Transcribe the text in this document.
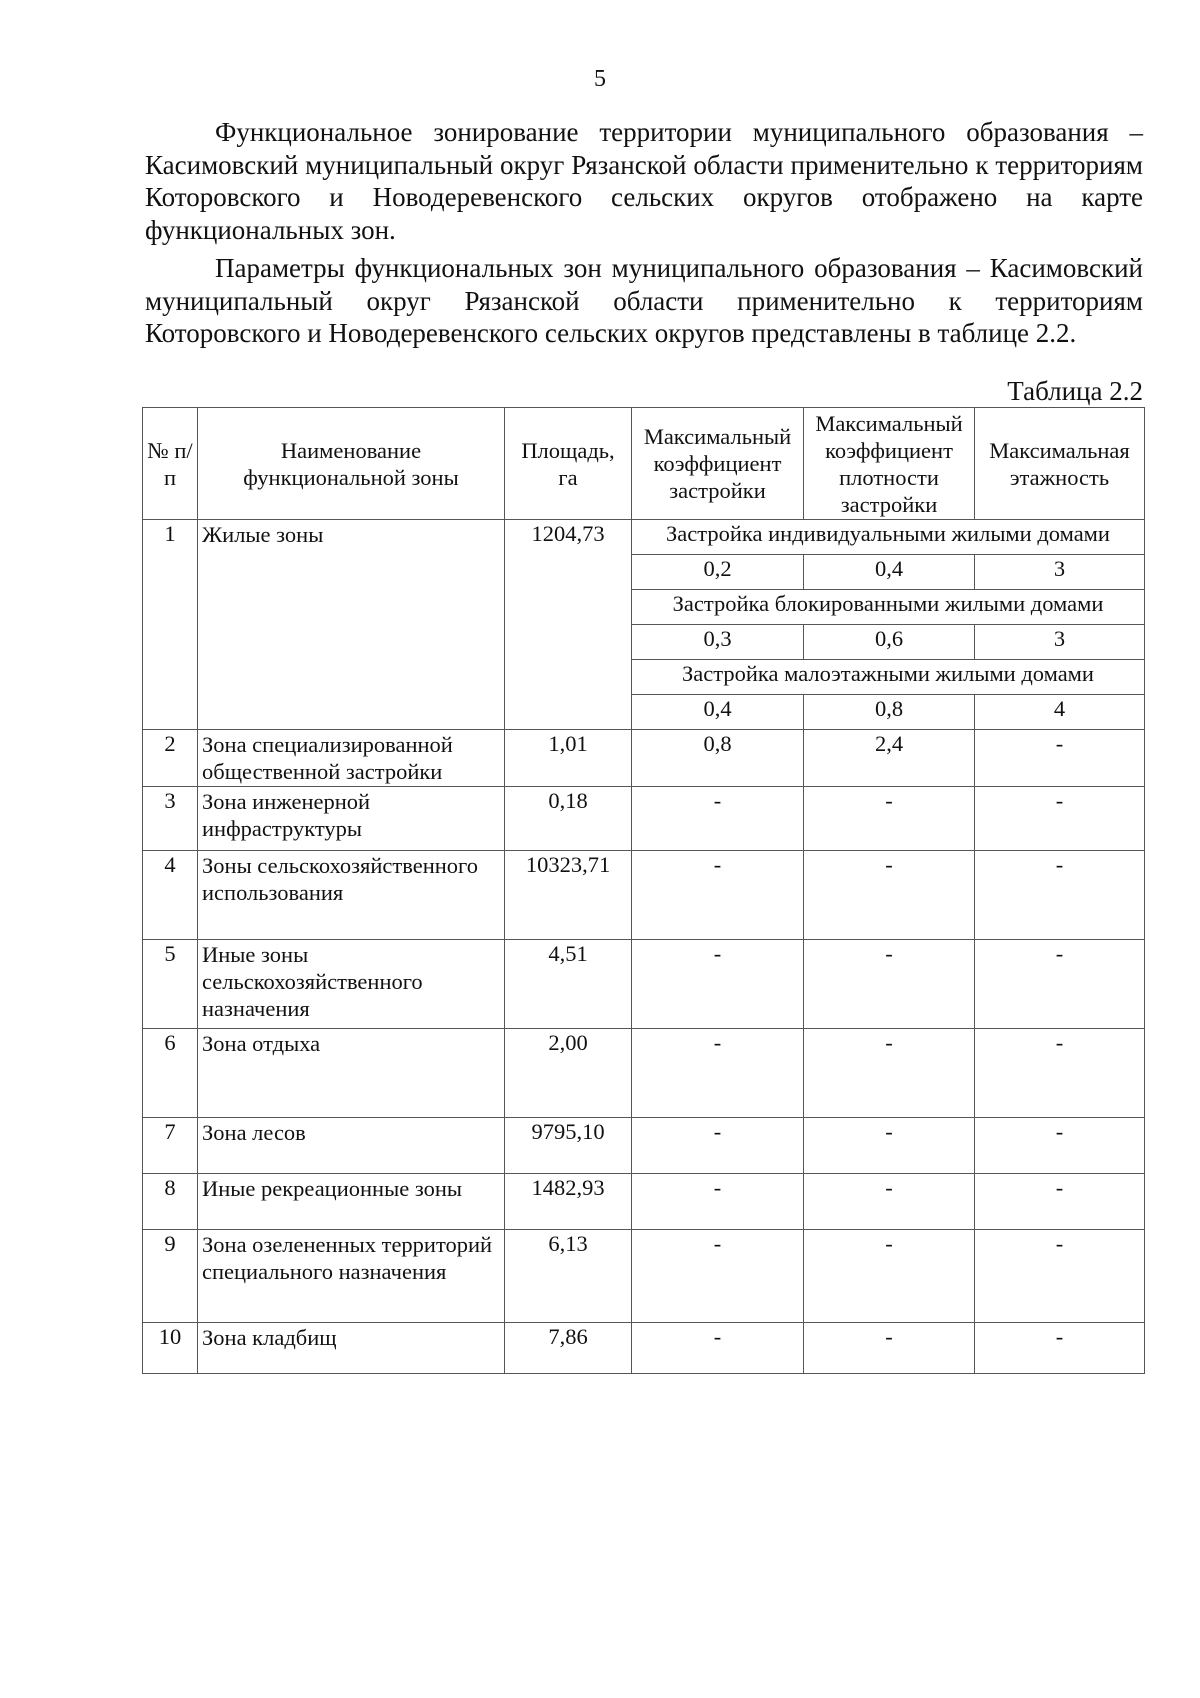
5

Функциональное зонирование территории муниципального образования – Касимовский муниципальный округ Рязанской области применительно к территориям Которовского и Новодеревенского сельских округов отображено на карте функциональных зон.

Параметры функциональных зон муниципального образования – Касимовский муниципальный округ Рязанской области применительно к территориям Которовского и Новодеревенского сельских округов представлены в таблице 2.2.

Таблица 2.2
№ п/п	Наименование функциональной зоны	Площадь, га	Максимальный коэффициент застройки	Максимальный коэффициент плотности застройки	Максимальная этажность
1	Жилые зоны	1204,73	Застройка индивидуальными жилыми домами		
			0,2	0,4	3
			Застройка блокированными жилыми домами		
			0,3	0,6	3
			Застройка малоэтажными жилыми домами		
			0,4	0,8	4
2	Зона специализированной общественной застройки	1,01	0,8	2,4	-
3	Зона инженерной инфраструктуры	0,18	-	-	-
4	Зоны сельскохозяйственного использования	10323,71	-	-	-
5	Иные зоны сельскохозяйственного назначения	4,51	-	-	-
6	Зона отдыха	2,00	-	-	-
7	Зона лесов	9795,10	-	-	-
8	Иные рекреационные зоны	1482,93	-	-	-
9	Зона озелененных территорий специального назначения	6,13	-	-	-
10	Зона кладбищ	7,86	-	-	-
